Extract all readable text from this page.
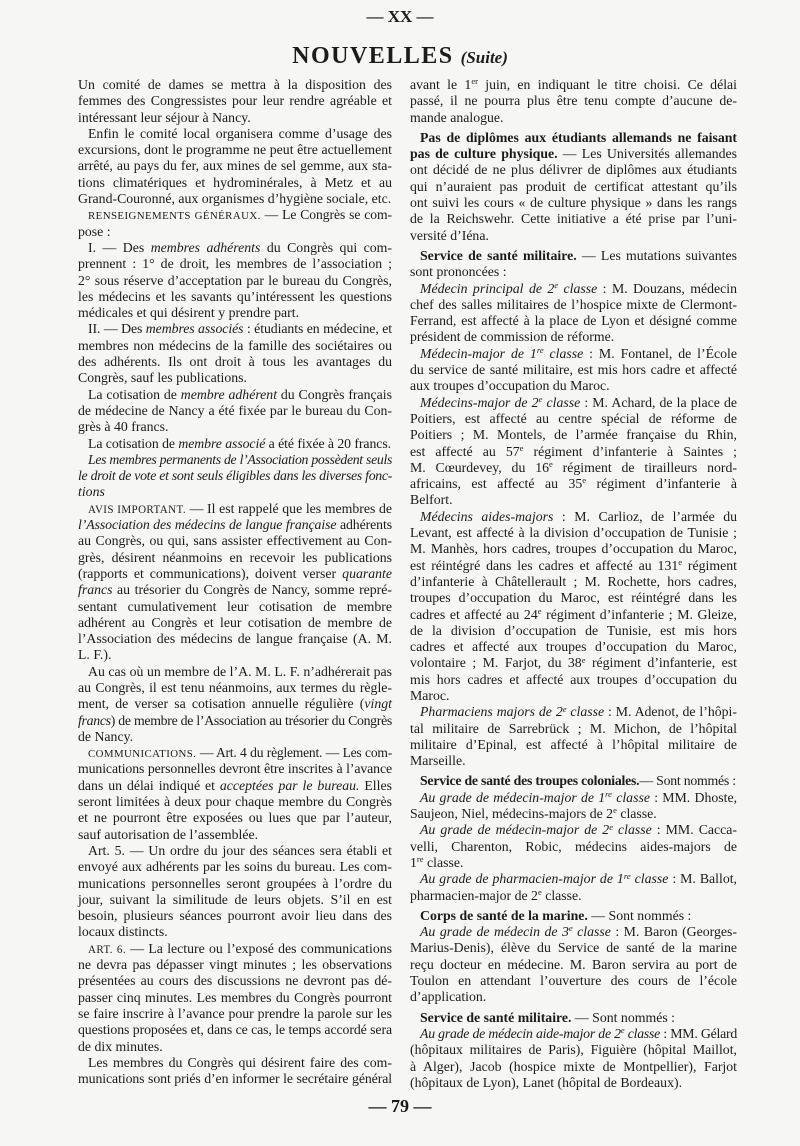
— XX —
NOUVELLES (Suite)
Un comité de dames se mettra à la disposition des
femmes des Congressistes pour leur rendre agréable et
intéressant leur séjour à Nancy.
Enfin le comité local organisera comme d’usage des
excursions, dont le programme ne peut être actuellement
arrêté, au pays du fer, aux mines de sel gemme, aux sta-
tions climatériques et hydrominérales, à Metz et au
Grand-Couronné, aux organismes d’hygiène sociale, etc.
RENSEIGNEMENTS GÉNÉRAUX. — Le Congrès se com-
pose :
I. — Des membres adhérents du Congrès qui com-
prennent : 1° de droit, les membres de l’association ;
2° sous réserve d’acceptation par le bureau du Congrès,
les médecins et les savants qu’intéressent les questions
médicales et qui désirent y prendre part.
II. — Des membres associés : étudiants en médecine, et
membres non médecins de la famille des sociétaires ou
des adhérents. Ils ont droit à tous les avantages du
Congrès, sauf les publications.
La cotisation de membre adhérent du Congrès français
de médecine de Nancy a été fixée par le bureau du Con-
grès à 40 francs.
La cotisation de membre associé a été fixée à 20 francs.
Les membres permanents de l’Association possèdent seuls
le droit de vote et sont seuls éligibles dans les diverses fonc-
tions
AVIS IMPORTANT. — Il est rappelé que les membres de
l’Association des médecins de langue française adhérents
au Congrès, ou qui, sans assister effectivement au Con-
grès, désirent néanmoins en recevoir les publications
(rapports et communications), doivent verser quarante
francs au trésorier du Congrès de Nancy, somme repré-
sentant cumulativement leur cotisation de membre
adhérent au Congrès et leur cotisation de membre de
l’Association des médecins de langue française (A. M.
L. F.).
Au cas où un membre de l’A. M. L. F. n’adhérerait pas
au Congrès, il est tenu néanmoins, aux termes du règle-
ment, de verser sa cotisation annuelle régulière (vingt
francs) de membre de l’Association au trésorier du Congrès
de Nancy.
COMMUNICATIONS. — Art. 4 du règlement. — Les com-
munications personnelles devront être inscrites à l’avance
dans un délai indiqué et acceptées par le bureau. Elles
seront limitées à deux pour chaque membre du Congrès
et ne pourront être exposées ou lues que par l’auteur,
sauf autorisation de l’assemblée.
Art. 5. — Un ordre du jour des séances sera établi et
envoyé aux adhérents par les soins du bureau. Les com-
munications personnelles seront groupées à l’ordre du
jour, suivant la similitude de leurs objets. S’il en est
besoin, plusieurs séances pourront avoir lieu dans des
locaux distincts.
ART. 6. — La lecture ou l’exposé des communications
ne devra pas dépasser vingt minutes ; les observations
présentées au cours des discussions ne devront pas dé-
passer cinq minutes. Les membres du Congrès pourront
se faire inscrire à l’avance pour prendre la parole sur les
questions proposées et, dans ce cas, le temps accordé sera
de dix minutes.
Les membres du Congrès qui désirent faire des com-
munications sont priés d’en informer le secrétaire général
avant le 1er juin, en indiquant le titre choisi. Ce délai
passé, il ne pourra plus être tenu compte d’aucune de-
mande analogue.
Pas de diplômes aux étudiants allemands ne faisant
pas de culture physique. — Les Universités allemandes
ont décidé de ne plus délivrer de diplômes aux étudiants
qui n’auraient pas produit de certificat attestant qu’ils
ont suivi les cours « de culture physique » dans les rangs
de la Reichswehr. Cette initiative a été prise par l’uni-
versité d’Iéna.
Service de santé militaire. — Les mutations suivantes
sont prononcées :
Médecin principal de 2e classe : M. Douzans, médecin
chef des salles militaires de l’hospice mixte de Clermont-
Ferrand, est affecté à la place de Lyon et désigné comme
président de commission de réforme.
Médecin-major de 1re classe : M. Fontanel, de l’École
du service de santé militaire, est mis hors cadre et affecté
aux troupes d’occupation du Maroc.
Médecins-major de 2e classe : M. Achard, de la place de
Poitiers, est affecté au centre spécial de réforme de
Poitiers ; M. Montels, de l’armée française du Rhin,
est affecté au 57e régiment d’infanterie à Saintes ;
M. Cœurdevey, du 16e régiment de tirailleurs nord-
africains, est affecté au 35e régiment d’infanterie à
Belfort.
Médecins aides-majors : M. Carlioz, de l’armée du
Levant, est affecté à la division d’occupation de Tunisie ;
M. Manhès, hors cadres, troupes d’occupation du Maroc,
est réintégré dans les cadres et affecté au 131e régiment
d’infanterie à Châtellerault ; M. Rochette, hors cadres,
troupes d’occupation du Maroc, est réintégré dans les
cadres et affecté au 24e régiment d’infanterie ; M. Gleize,
de la division d’occupation de Tunisie, est mis hors
cadres et affecté aux troupes d’occupation du Maroc,
volontaire ; M. Farjot, du 38e régiment d’infanterie, est
mis hors cadres et affecté aux troupes d’occupation du
Maroc.
Pharmaciens majors de 2e classe : M. Adenot, de l’hôpi-
tal militaire de Sarrebrück ; M. Michon, de l’hôpital
militaire d’Epinal, est affecté à l’hôpital militaire de
Marseille.
Service de santé des troupes coloniales.— Sont nommés :
Au grade de médecin-major de 1re classe : MM. Dhoste,
Saujeon, Niel, médecins-majors de 2e classe.
Au grade de médecin-major de 2e classe : MM. Cacca-
velli, Charenton, Robic, médecins aides-majors de
1re classe.
Au grade de pharmacien-major de 1re classe : M. Ballot,
pharmacien-major de 2e classe.
Corps de santé de la marine. — Sont nommés :
Au grade de médecin de 3e classe : M. Baron (Georges-
Marius-Denis), élève du Service de santé de la marine
reçu docteur en médecine. M. Baron servira au port de
Toulon en attendant l’ouverture des cours de l’école
d’application.
Service de santé militaire. — Sont nommés :
Au grade de médecin aide-major de 2e classe : MM. Gélard
(hôpitaux militaires de Paris), Figuière (hôpital Maillot,
à Alger), Jacob (hospice mixte de Montpellier), Farjot
(hôpitaux de Lyon), Lanet (hôpital de Bordeaux).
— 79 —
